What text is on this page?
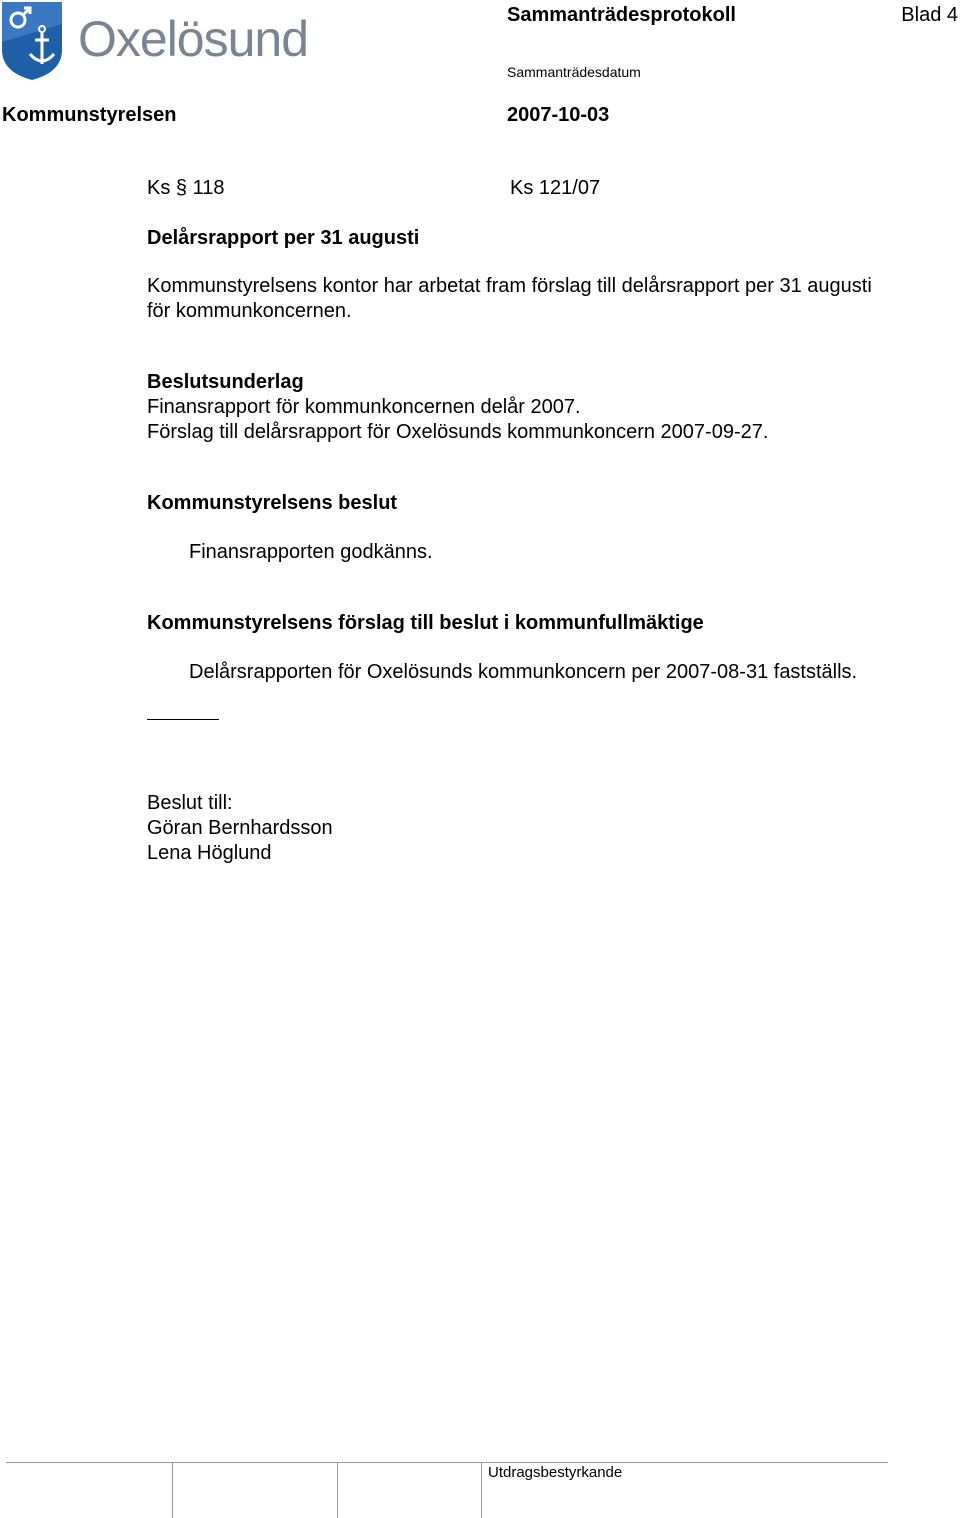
Oxelösund	Sammanträdesprotokoll	Blad 4
Sammanträdesdatum
Kommunstyrelsen	2007-10-03
Ks § 118	Ks 121/07
Delårsrapport per 31 augusti
Kommunstyrelsens kontor har arbetat fram förslag till delårsrapport per 31 augusti
för kommunkoncernen.
Beslutsunderlag
Finansrapport för kommunkoncernen delår 2007.
Förslag till delårsrapport för Oxelösunds kommunkoncern 2007-09-27.
Kommunstyrelsens beslut
Finansrapporten godkänns.
Kommunstyrelsens förslag till beslut i kommunfullmäktige
Delårsrapporten för Oxelösunds kommunkoncern per 2007-08-31 fastställs.
Beslut till:
Göran Bernhardsson
Lena Höglund
Utdragsbestyrkande
